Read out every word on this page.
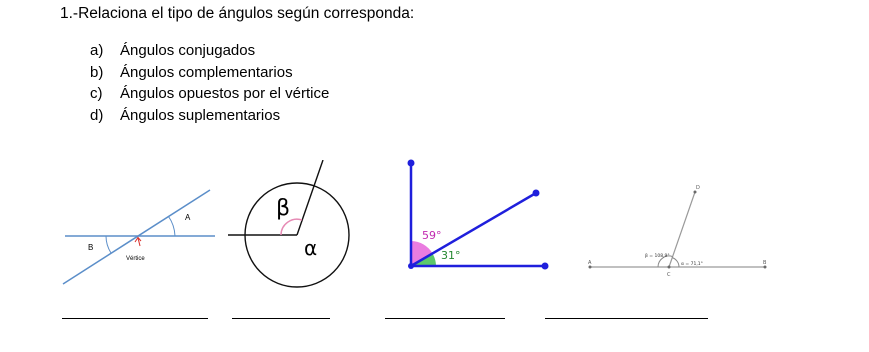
1.-Relaciona el tipo de ángulos según corresponda:
a) Ángulos conjugados
b) Ángulos complementarios
c) Ángulos opuestos por el vértice
d) Ángulos suplementarios
A
B
Vértice
β
α
59°
31°
D
A	B
C
β = 108,9°
α = 71,1°
